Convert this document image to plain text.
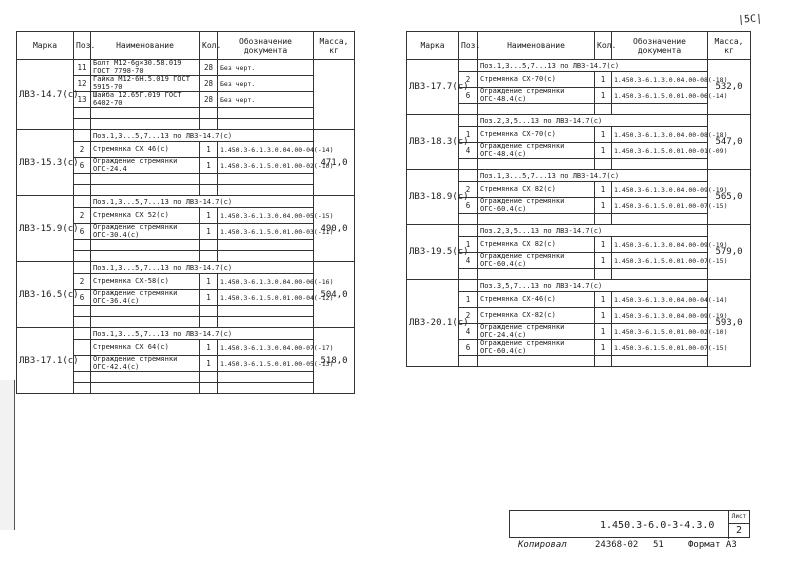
|5C|
Марка	Поз.	Наименование	Кол.	Обозначение документа	Масса, кг
ЛВЗ-14.7(с)	11	Болт М12-6g×30.58.019 ГОСТ 7798-70	28	Без черт.	
	12	Гайка М12-6Н.5.019 ГОСТ 5915-70	28	Без черт.	
	13	Шайба 12.65Г.019 ГОСТ 6402-70	28	Без черт.	

ЛВЗ-15.3(с)		Поз.1,3...5,7...13 по ЛВЗ-14.7(с)			471,0
	2	Стремянка СХ 46(с)	1	1.450.3-6.1.3.0.04.00-04(-14)	
	6	Ограждение стремянки ОГС-24.4	1	1.450.3-6.1.5.0.01.00-02(-10)	

ЛВЗ-15.9(с)		Поз.1,3...5,7...13 по ЛВЗ-14.7(с)			490,0
	2	Стремянка СХ 52(с)	1	1.450.3-6.1.3.0.04.00-05(-15)	
	6	Ограждение стремянки ОГС-30.4(с)	1	1.450.3-6.1.5.0.01.00-03(-11)	

ЛВЗ-16.5(с)		Поз.1,3...5,7...13 по ЛВЗ-14.7(с)			504,0
	2	Стремянка СХ-58(с)	1	1.450.3-6.1.3.0.04.00-06(-16)	
	6	Ограждение стремянки ОГС-36.4(с)	1	1.450.3-6.1.5.0.01.00-04(-12)	

ЛВЗ-17.1(с)		Поз.1,3...5,7...13 по ЛВЗ-14.7(с)			518,0
		Стремянка СХ 64(с)	1	1.450.3-6.1.3.0.04.00-07(-17)	
		Ограждение стремянки ОГС-42.4(с)	1	1.450.3-6.1.5.0.01.00-05(-13)	

Марка	Поз.	Наименование	Кол.	Обозначение документа	Масса, кг
ЛВЗ-17.7(с)		Поз.1,3...5,7...13 по ЛВЗ-14.7(с)			532,0
	2	Стремянка СХ-70(с)	1	1.450.3-6.1.3.0.04.00-08(-18)	
	6	Ограждение стремянки ОГС-48.4(с)	1	1.450.3-6.1.5.0.01.00-06(-14)	

ЛВЗ-18.3(с)		Поз.2,3,5...13 по ЛВЗ-14.7(с)			547,0
	1	Стремянка СХ-70(с)	1	1.450.3-6.1.3.0.04.00-08(-18)	
	4	Ограждение стремянки ОГС-48.4(с)	1	1.450.3-6.1.5.0.01.00-01(-09)	

ЛВЗ-18.9(с)		Поз.1,3...5,7...13 по ЛВЗ-14.7(с)			565,0
	2	Стремянка СХ 82(с)	1	1.450.3-6.1.3.0.04.00-09(-19)	
	6	Ограждение стремянки ОГС-60.4(с)	1	1.450.3-6.1.5.0.01.00-07(-15)	

ЛВЗ-19.5(с)		Поз.2,3,5...13 по ЛВЗ-14.7(с)			579,0
	1	Стремянка СХ 82(с)	1	1.450.3-6.1.3.0.04.00-09(-19)	
	4	Ограждение стремянки ОГС-60.4(с)	1	1.450.3-6.1.5.0.01.00-07(-15)	

ЛВЗ-20.1(с)		Поз.3,5,7...13 по ЛВЗ-14.7(с)			593,0
	1	Стремянка СХ-46(с)	1	1.450.3-6.1.3.0.04.00-04(-14)	
	2	Стремянка СХ-82(с)	1	1.450.3-6.1.3.0.04.00-09(-19)	
	4	Ограждение стремянки ОГС-24.4(с)	1	1.450.3-6.1.5.0.01.00-02(-10)	
	6	Ограждение стремянки ОГС-60.4(с)	1	1.450.3-6.1.5.0.01.00-07(-15)	

1.450.3-6.0-3-4.3.0
Лист
2
Копировал	24368-02 51	Формат А3
